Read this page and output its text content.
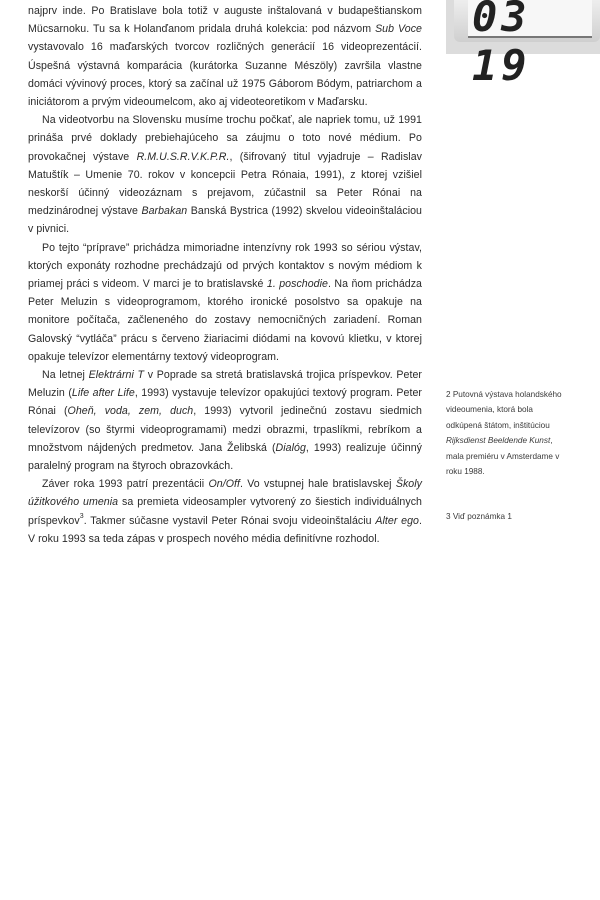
03 19

najprv inde. Po Bratislave bola totiž v auguste inštalovaná v budapeštianskom Mücsarnoku. Tu sa k Holanďanom pridala druhá kolekcia: pod názvom Sub Voce vystavovalo 16 maďarských tvorcov rozličných generácií 16 videoprezentácií. Úspešná výstavná komparácia (kurátorka Suzanne Mészöly) završila vlastne domáci vývinový proces, ktorý sa začínal už 1975 Gáborom Bódym, patriarchom a iniciátorom a prvým videoumelcom, ako aj videoteoretikom v Maďarsku.

Na videotvorbu na Slovensku musíme trochu počkať, ale napriek tomu, už 1991 prináša prvé doklady prebiehajúceho sa záujmu o toto nové médium. Po provokačnej výstave R.M.U.S.R.V.K.P.R., (šifrovaný titul vyjadruje – Radislav Matuštík – Umenie 70. rokov v koncepcii Petra Rónaia, 1991), z ktorej vzišiel neskorší účinný videozáznam s prejavom, zúčastnil sa Peter Rónai na medzinárodnej výstave Barbakan Banská Bystrica (1992) skvelou videoinštaláciou v pivnici.

Po tejto “príprave” prichádza mimoriadne intenzívny rok 1993 so sériou výstav, ktorých exponáty rozhodne prechádzajú od prvých kontaktov s novým médiom k priamej práci s videom. V marci je to bratislavské 1. poschodie. Na ňom prichádza Peter Meluzin s videoprogramom, ktorého ironické posolstvo sa opakuje na monitore počítača, začleneného do zostavy nemocničných zariadení. Roman Galovský “vytláča” prácu s červeno žiariacimi diódami na kovovú klietku, v ktorej opakuje televízor elementárny textový videoprogram.

Na letnej Elektrárni T v Poprade sa stretá bratislavská trojica príspevkov. Peter Meluzin (Life after Life, 1993) vystavuje televízor opakujúci textový program. Peter Rónai (Oheň, voda, zem, duch, 1993) vytvoril jedinečnú zostavu siedmich televízorov (so štyrmi videoprogramami) medzi obrazmi, trpaslíkmi, rebríkom a množstvom nájdených predmetov. Jana Želibská (Dialóg, 1993) realizuje účinný paralelný program na štyroch obrazovkách.

Záver roka 1993 patrí prezentácii On/Off. Vo vstupnej hale bratislavskej Školy úžitkového umenia sa premieta videosampler vytvorený zo šiestich individuálnych príspevkov$^3$. Takmer súčasne vystavil Peter Rónai svoju videoinštaláciu Alter ego. V roku 1993 sa teda zápas v prospech nového média definitívne rozhodol.

2 Putovná výstava holandského videoumenia, ktorá bola odkúpená štátom, inštitúciou Rijksdienst Beeldende Kunst, mala premiéru v Amsterdame v roku 1988.
3 Viď poznámka 1
